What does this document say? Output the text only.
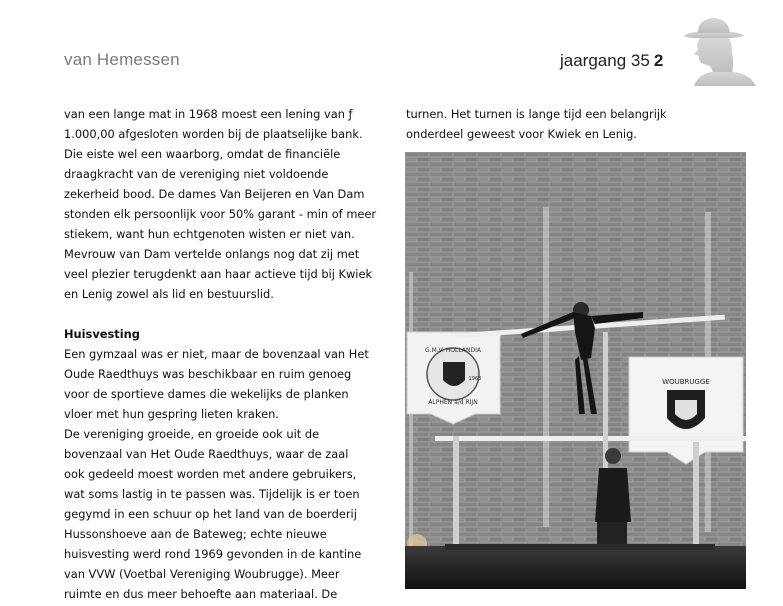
van Hemessen	jaargang 35 2

van een lange mat in 1968 moest een lening van ƒ
1.000,00 afgesloten worden bij de plaatselijke bank.
Die eiste wel een waarborg, omdat de financiële
draagkracht van de vereniging niet voldoende
zekerheid bood. De dames Van Beijeren en Van Dam
stonden elk persoonlijk voor 50% garant - min of meer
stiekem, want hun echtgenoten wisten er niet van.
Mevrouw van Dam vertelde onlangs nog dat zij met
veel plezier terugdenkt aan haar actieve tijd bij Kwiek
en Lenig zowel als lid en bestuurslid.

Huisvesting

Een gymzaal was er niet, maar de bovenzaal van Het
Oude Raedthuys was beschikbaar en ruim genoeg
voor de sportieve dames die wekelijks de planken
vloer met hun gespring lieten kraken.
De vereniging groeide, en groeide ook uit de
bovenzaal van Het Oude Raedthuys, waar de zaal
ook gedeeld moest worden met andere gebruikers,
wat soms lastig in te passen was. Tijdelijk is er toen
gegymd in een schuur op het land van de boerderij
Hussonshoeve aan de Bateweg; echte nieuwe
huisvesting werd rond 1969 gevonden in de kantine
van VVW (Voetbal Vereniging Woubrugge). Meer
ruimte en dus meer behoefte aan materiaal. De

turnen. Het turnen is lange tijd een belangrijk
onderdeel geweest voor Kwiek en Lenig.

G.M.V. HOLLANDIA
1963
ALPHEN a/d RIJN
WOUBRUGGE
